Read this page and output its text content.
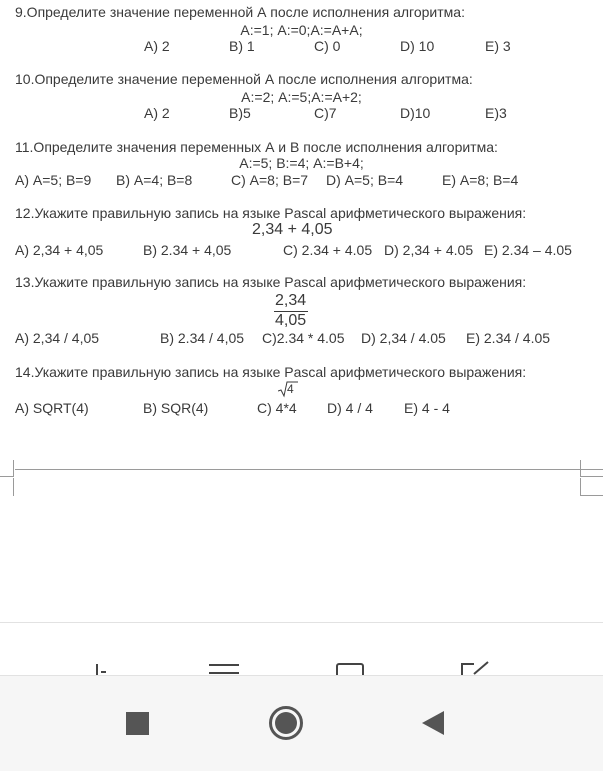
9.Определите значение переменной А после исполнения алгоритма:
А:=1; А:=0;А:=А+А;
А) 2	В) 1	С) 0	D) 10	Е) 3
10.Определите значение переменной А после исполнения алгоритма:
А:=2; А:=5;А:=А+2;
А) 2	В)5	С)7	D)10	Е)3
11.Определите значения переменных А и В после исполнения алгоритма:
А:=5; В:=4; А:=В+4;
А) А=5; В=9 В) А=4; В=8	С) А=8; В=7 D) А=5; В=4	Е) А=8; В=4
12.Укажите правильную запись на языке Pascal арифметического выражения:
2,34 + 4,05
А) 2,34 + 4,05	В) 2.34 + 4,05	С) 2.34 + 4.05 D) 2,34 + 4.05 Е) 2.34 – 4.05
13.Укажите правильную запись на языке Pascal арифметического выражения:
2,34
4,05
А) 2,34 / 4,05	В) 2.34 / 4,05 С)2.34 * 4.05 D) 2,34 / 4.05 Е) 2.34 / 4.05
14.Укажите правильную запись на языке Pascal арифметического выражения:
4
А) SQRT(4)	В) SQR(4)	С) 4*4 D) 4 / 4 Е) 4 - 4
